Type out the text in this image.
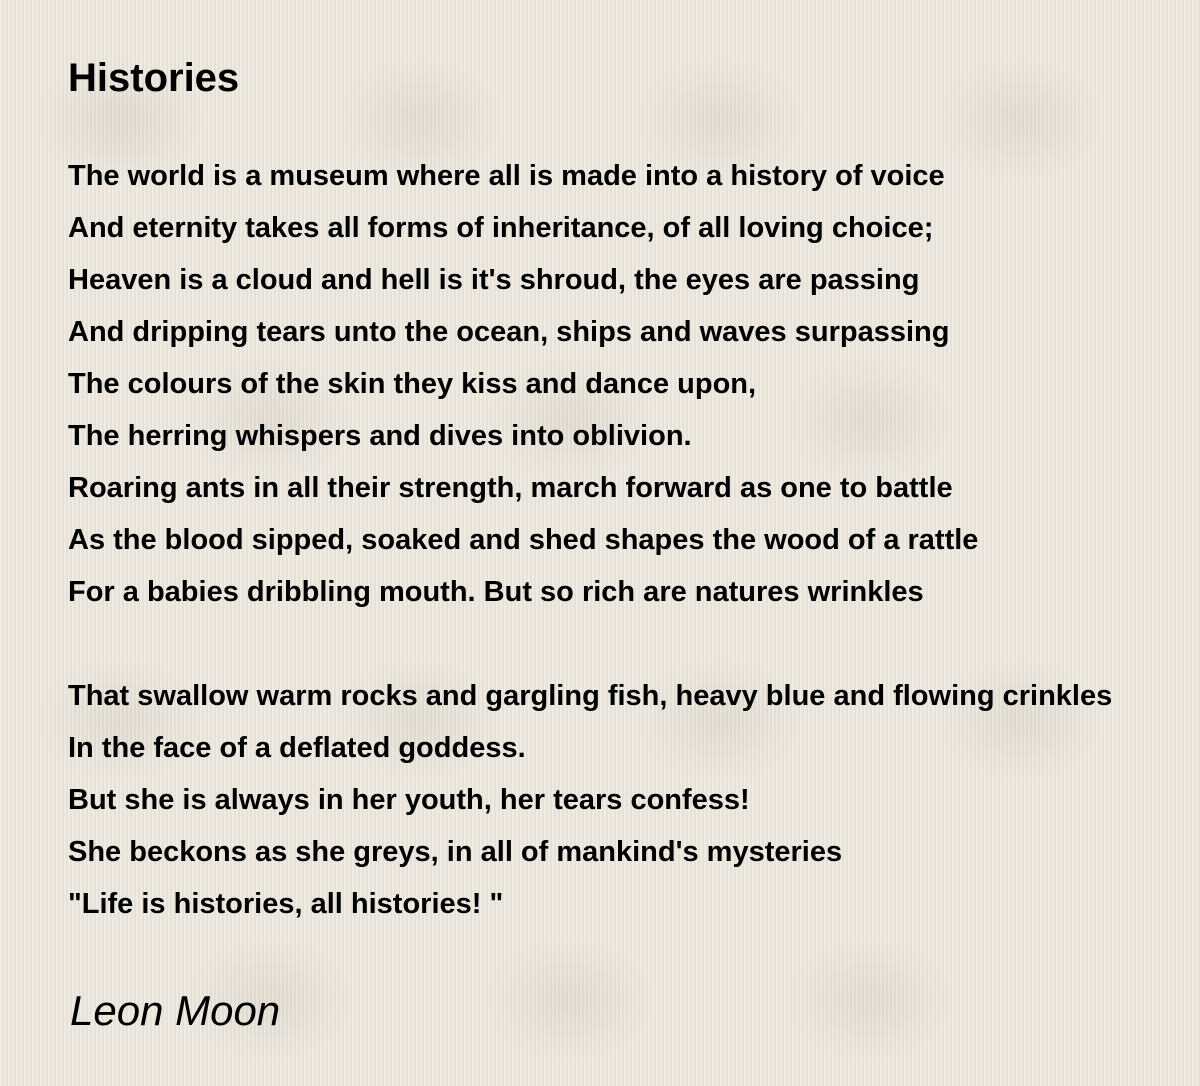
Histories
The world is a museum where all is made into a history of voice
And eternity takes all forms of inheritance, of all loving choice;
Heaven is a cloud and hell is it's shroud, the eyes are passing
And dripping tears unto the ocean, ships and waves surpassing
The colours of the skin they kiss and dance upon,
The herring whispers and dives into oblivion.
Roaring ants in all their strength, march forward as one to battle
As the blood sipped, soaked and shed shapes the wood of a rattle
For a babies dribbling mouth. But so rich are natures wrinkles
That swallow warm rocks and gargling fish, heavy blue and flowing crinkles
In the face of a deflated goddess.
But she is always in her youth, her tears confess!
She beckons as she greys, in all of mankind's mysteries
"Life is histories, all histories! "
Leon Moon
